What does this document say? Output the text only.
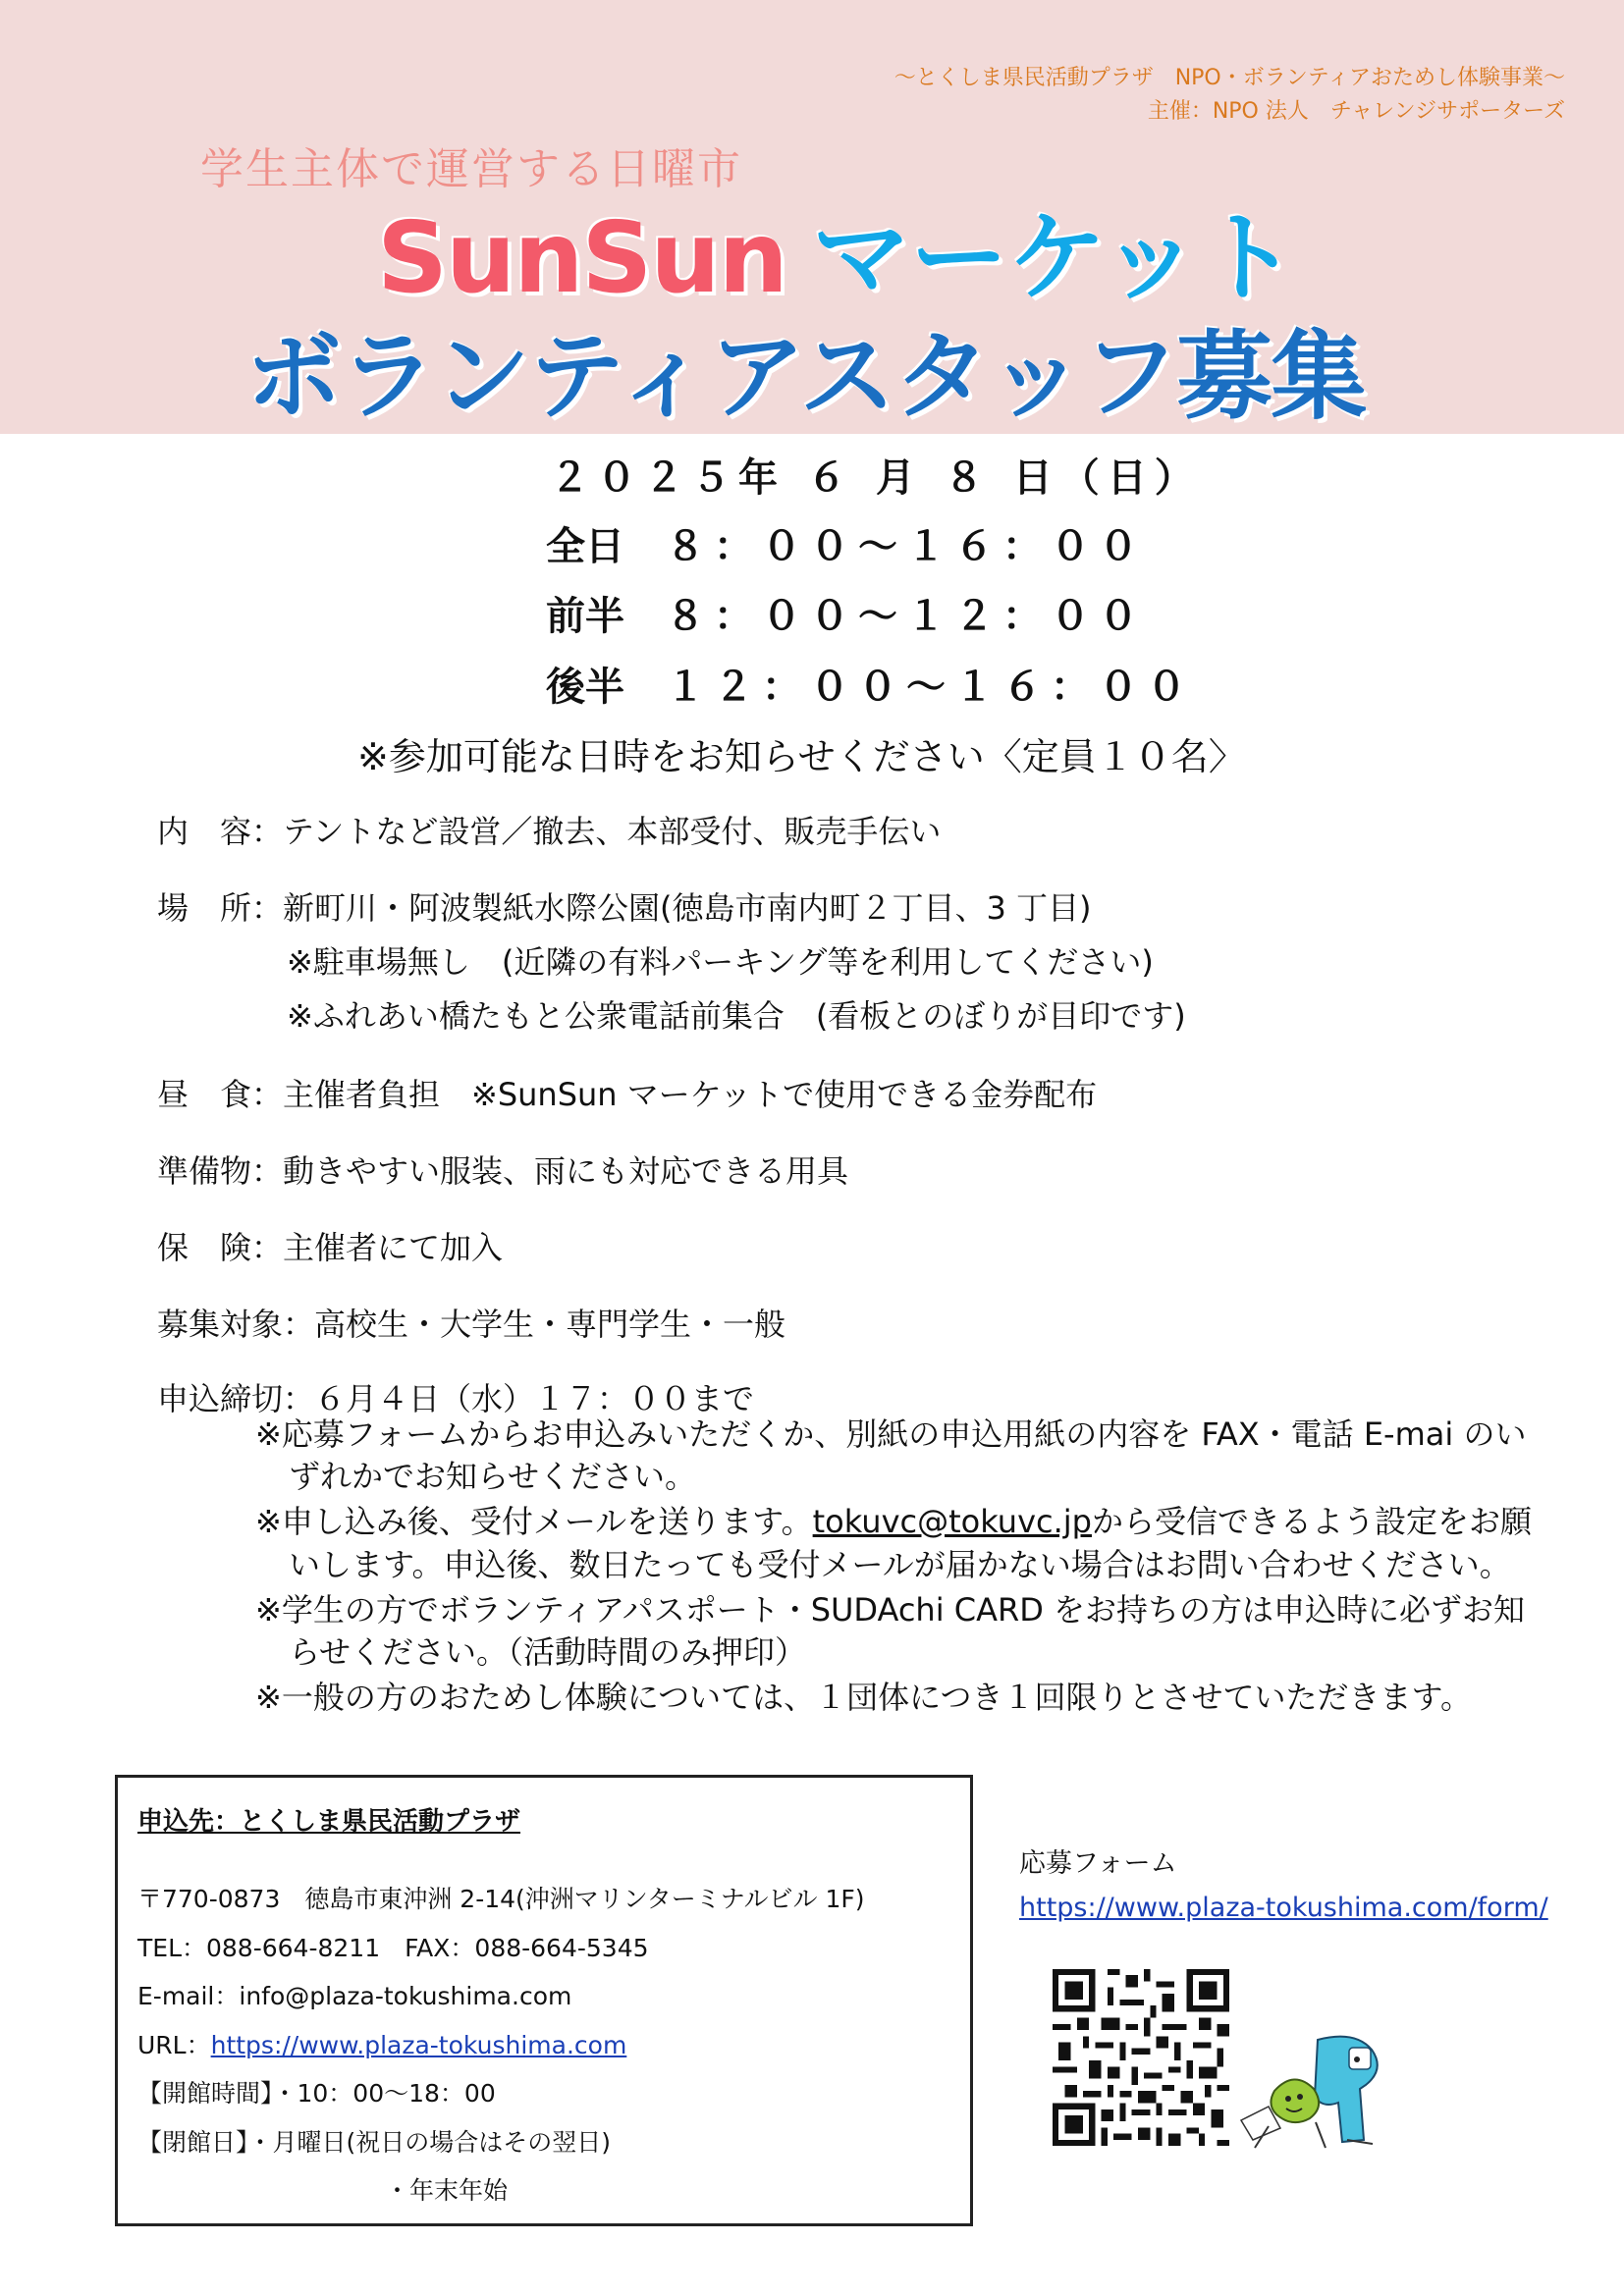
～とくしま県民活動プラザ　NPO・ボランティアおためし体験事業～
主催：NPO 法人　チャレンジサポーターズ
学生主体で運営する日曜市
SunSun マーケット
ボランティアスタッフ募集
２０２５年 ６ 月 ８ 日（日）
全日 ８：００～１６：００
前半 ８：００～１２：００
後半 １２：００～１６：００
※参加可能な日時をお知らせください〈定員１０名〉
内　容：テントなど設営／撤去、本部受付、販売手伝い
場　所：新町川・阿波製紙水際公園(徳島市南内町２丁目、3 丁目)
※駐車場無し　(近隣の有料パーキング等を利用してください)
※ふれあい橋たもと公衆電話前集合　(看板とのぼりが目印です)
昼　食：主催者負担　※SunSun マーケットで使用できる金券配布
準備物：動きやすい服装、雨にも対応できる用具
保　険：主催者にて加入
募集対象：高校生・大学生・専門学生・一般
申込締切：６月４日（水）１７：００まで
※応募フォームからお申込みいただくか、別紙の申込用紙の内容を FAX・電話 E-mai のいずれかでお知らせください。
※申し込み後、受付メールを送ります。tokuvc@tokuvc.jpから受信できるよう設定をお願いします。申込後、数日たっても受付メールが届かない場合はお問い合わせください。
※学生の方でボランティアパスポート・SUDAchi CARD をお持ちの方は申込時に必ずお知らせください。（活動時間のみ押印）
※一般の方のおためし体験については、１団体につき１回限りとさせていただきます。
申込先：とくしま県民活動プラザ
〒770-0873　徳島市東沖洲 2-14(沖洲マリンターミナルビル 1F)
TEL：088-664-8211　FAX：088-664-5345
E-mail：info@plaza-tokushima.com
URL：https://www.plaza-tokushima.com
【開館時間】・10：00～18：00
【閉館日】・月曜日(祝日の場合はその翌日)
・年末年始
応募フォーム
https://www.plaza-tokushima.com/form/
